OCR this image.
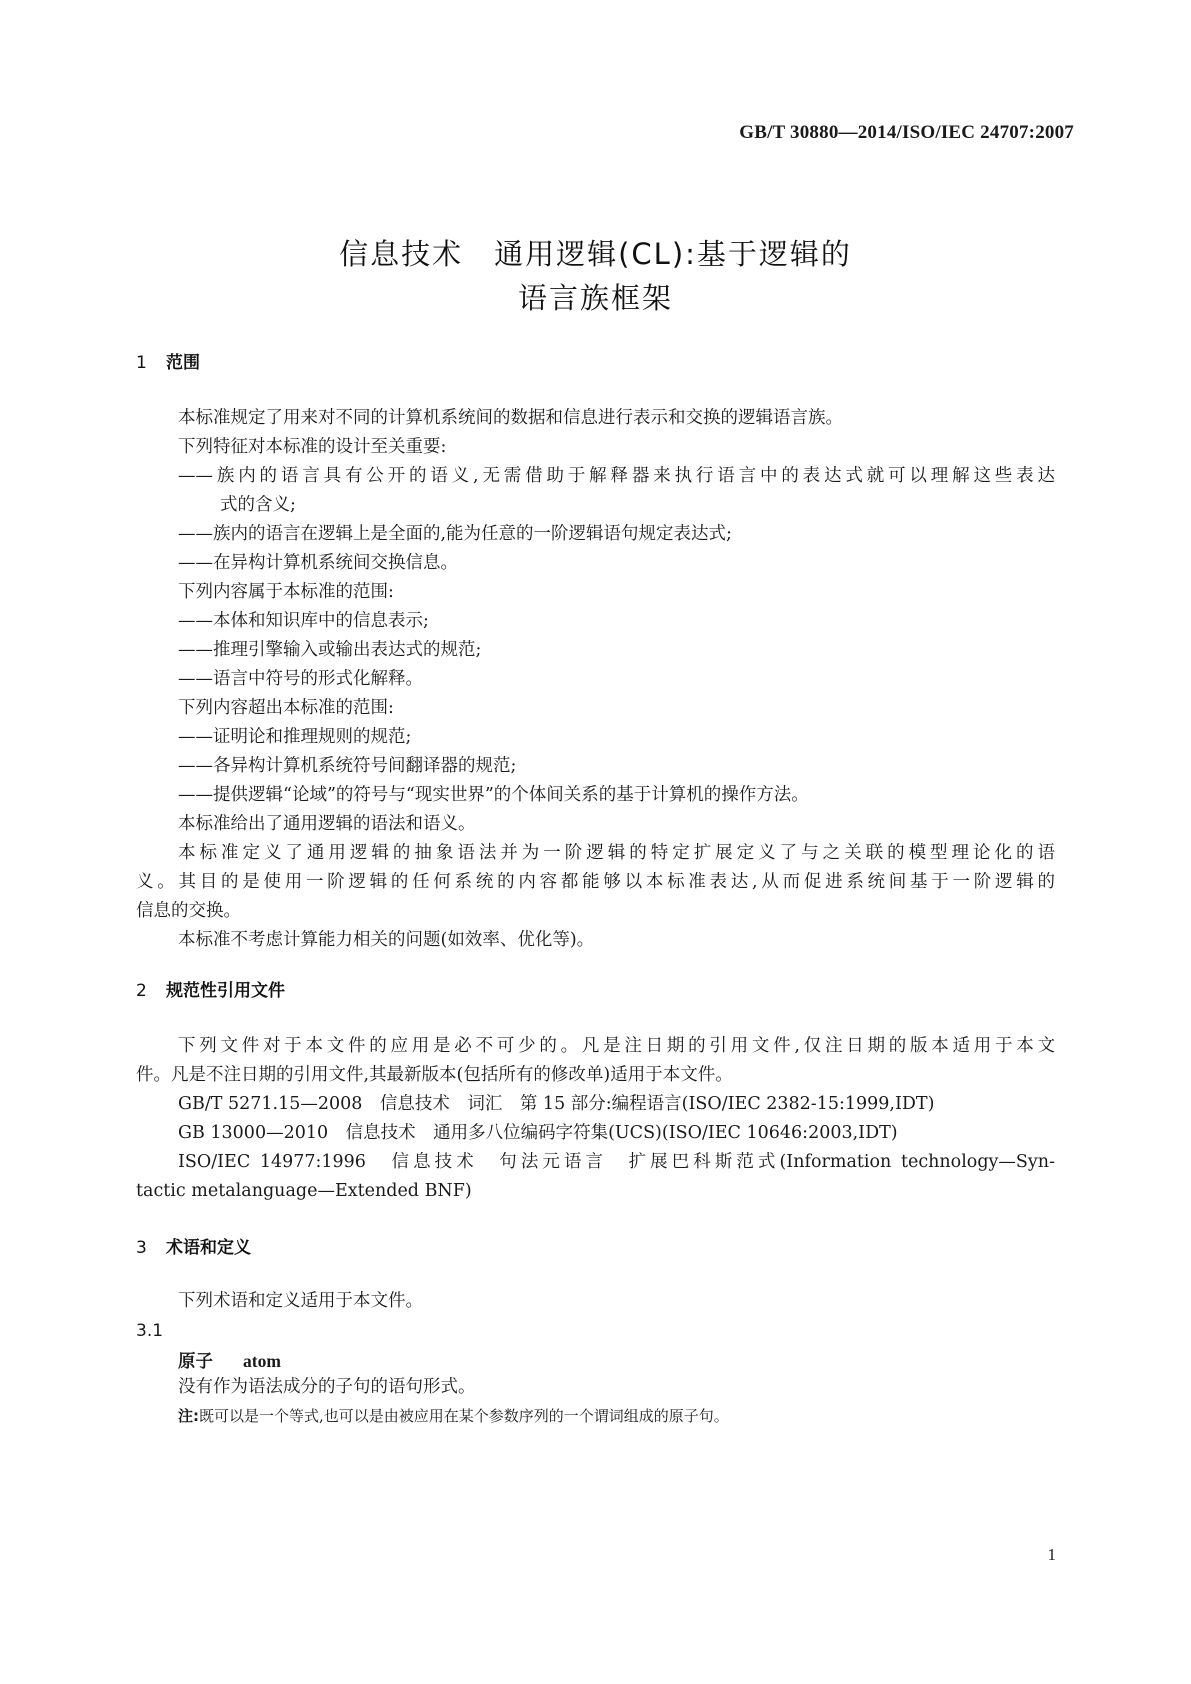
GB/T 30880—2014/ISO/IEC 24707:2007
信息技术　通用逻辑(CL):基于逻辑的
语言族框架
1 范围
本标准规定了用来对不同的计算机系统间的数据和信息进行表示和交换的逻辑语言族。
下列特征对本标准的设计至关重要:
——族内的语言具有公开的语义,无需借助于解释器来执行语言中的表达式就可以理解这些表达
式的含义;
——族内的语言在逻辑上是全面的,能为任意的一阶逻辑语句规定表达式;
——在异构计算机系统间交换信息。
下列内容属于本标准的范围:
——本体和知识库中的信息表示;
——推理引擎输入或输出表达式的规范;
——语言中符号的形式化解释。
下列内容超出本标准的范围:
——证明论和推理规则的规范;
——各异构计算机系统符号间翻译器的规范;
——提供逻辑“论域”的符号与“现实世界”的个体间关系的基于计算机的操作方法。
本标准给出了通用逻辑的语法和语义。
本标准定义了通用逻辑的抽象语法并为一阶逻辑的特定扩展定义了与之关联的模型理论化的语
义。其目的是使用一阶逻辑的任何系统的内容都能够以本标准表达,从而促进系统间基于一阶逻辑的
信息的交换。
本标准不考虑计算能力相关的问题(如效率、优化等)。
2 规范性引用文件
下列文件对于本文件的应用是必不可少的。凡是注日期的引用文件,仅注日期的版本适用于本文
件。凡是不注日期的引用文件,其最新版本(包括所有的修改单)适用于本文件。
GB/T 5271.15—2008　信息技术　词汇　第 15 部分:编程语言(ISO/IEC 2382-15:1999,IDT)
GB 13000—2010　信息技术　通用多八位编码字符集(UCS)(ISO/IEC 10646:2003,IDT)
ISO/IEC 14977:1996　信息技术　句法元语言　扩展巴科斯范式(Information technology—Syn-
tactic metalanguage—Extended BNF)
3 术语和定义
下列术语和定义适用于本文件。
3.1
原子 atom
没有作为语法成分的子句的语句形式。
注:既可以是一个等式,也可以是由被应用在某个参数序列的一个谓词组成的原子句。
1
